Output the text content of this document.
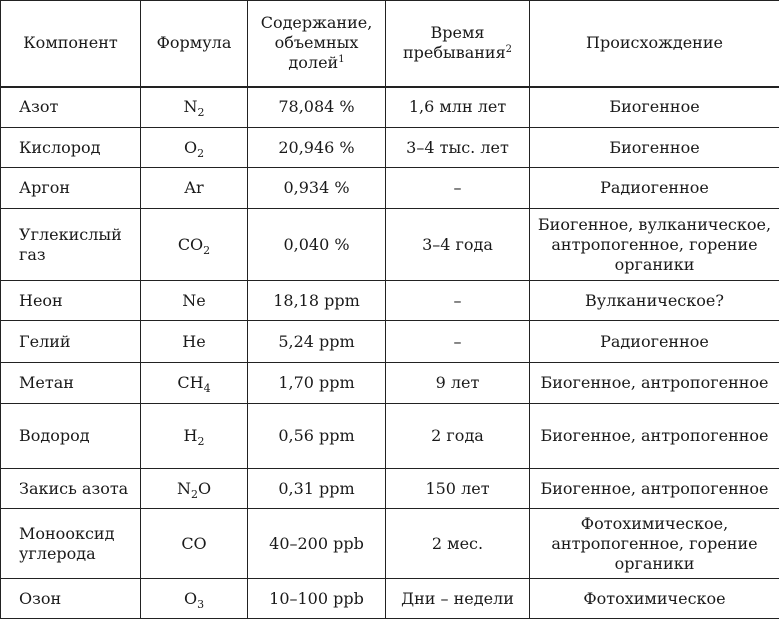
Компонент	Формула	Содержание, объемных долей$^1$	Время пребывания$^2$	Происхождение
Азот	$N_2$	78,084 %	1,6 млн лет	Биогенное
Кислород	$O_2$	20,946 %	3–4 тыс. лет	Биогенное
Аргон	Ar	0,934 %	–	Радиогенное
Углекислый газ	$CO_2$	0,040 %	3–4 года	Биогенное, вулканическое, антропогенное, горение органики
Неон	Ne	18,18 ppm	–	Вулканическое?
Гелий	He	5,24 ppm	–	Радиогенное
Метан	$CH_4$	1,70 ppm	9 лет	Биогенное, антропогенное
Водород	$H_2$	0,56 ppm	2 года	Биогенное, антропогенное
Закись азота	$N_2O$	0,31 ppm	150 лет	Биогенное, антропогенное
Монооксид углерода	CO	40–200 ppb	2 мес.	Фотохимическое, антропогенное, горение органики
Озон	$O_3$	10–100 ppb	Дни – недели	Фотохимическое
